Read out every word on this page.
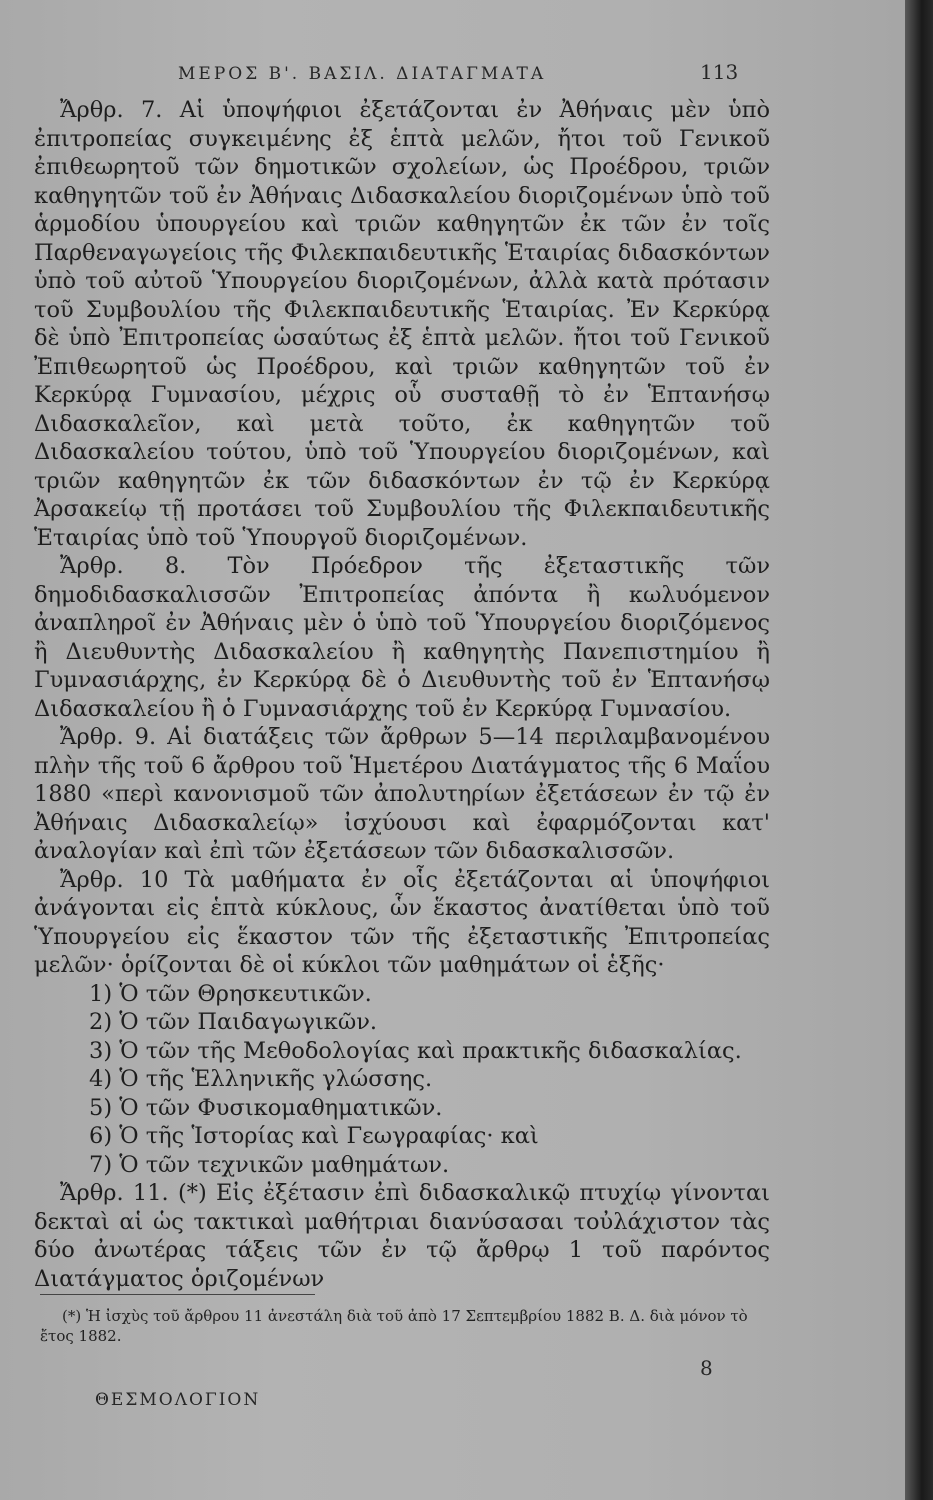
ΜΕΡΟΣ Β'. ΒΑΣΙΛ. ΔΙΑΤΑΓΜΑΤΑ	113

Ἄρθρ. 7. Αἱ ὑποψήφιοι ἐξετάζονται ἐν Ἀθήναις μὲν ὑπὸ ἐπιτροπείας συγκειμένης ἐξ ἑπτὰ μελῶν, ἤτοι τοῦ Γενικοῦ ἐπιθεωρητοῦ τῶν δημοτικῶν σχολείων, ὡς Προέδρου, τριῶν καθηγητῶν τοῦ ἐν Ἀθήναις Διδασκαλείου διοριζομένων ὑπὸ τοῦ ἁρμοδίου ὑπουργείου καὶ τριῶν καθηγητῶν ἐκ τῶν ἐν τοῖς Παρθεναγωγείοις τῆς Φιλεκπαιδευτικῆς Ἑταιρίας διδασκόντων ὑπὸ τοῦ αὐτοῦ Ὑπουργείου διοριζομένων, ἀλλὰ κατὰ πρότασιν τοῦ Συμβουλίου τῆς Φιλεκπαιδευτικῆς Ἑταιρίας. Ἐν Κερκύρᾳ δὲ ὑπὸ Ἐπιτροπείας ὡσαύτως ἐξ ἑπτὰ μελῶν. ἤτοι τοῦ Γενικοῦ Ἐπιθεωρητοῦ ὡς Προέδρου, καὶ τριῶν καθηγητῶν τοῦ ἐν Κερκύρᾳ Γυμνασίου, μέχρις οὗ συσταθῇ τὸ ἐν Ἑπτανήσῳ Διδασκαλεῖον, καὶ μετὰ τοῦτο, ἐκ καθηγητῶν τοῦ Διδασκαλείου τούτου, ὑπὸ τοῦ Ὑπουργείου διοριζομένων, καὶ τριῶν καθηγητῶν ἐκ τῶν διδασκόντων ἐν τῷ ἐν Κερκύρᾳ Ἀρσακείῳ τῇ προτάσει τοῦ Συμβουλίου τῆς Φιλεκπαιδευτικῆς Ἑταιρίας ὑπὸ τοῦ Ὑπουργοῦ διοριζομένων.

Ἄρθρ. 8. Τὸν Πρόεδρον τῆς ἐξεταστικῆς τῶν δημοδιδασκαλισσῶν Ἐπιτροπείας ἀπόντα ἢ κωλυόμενον ἀναπληροῖ ἐν Ἀθήναις μὲν ὁ ὑπὸ τοῦ Ὑπουργείου διοριζόμενος ἢ Διευθυντὴς Διδασκαλείου ἢ καθηγητὴς Πανεπιστημίου ἢ Γυμνασιάρχης, ἐν Κερκύρᾳ δὲ ὁ Διευθυντὴς τοῦ ἐν Ἑπτανήσῳ Διδασκαλείου ἢ ὁ Γυμνασιάρχης τοῦ ἐν Κερκύρᾳ Γυμνασίου.

Ἄρθρ. 9. Αἱ διατάξεις τῶν ἄρθρων 5—14 περιλαμβανομένου πλὴν τῆς τοῦ 6 ἄρθρου τοῦ Ἡμετέρου Διατάγματος τῆς 6 Μαΐου 1880 «περὶ κανονισμοῦ τῶν ἀπολυτηρίων ἐξετάσεων ἐν τῷ ἐν Ἀθήναις Διδασκαλείῳ» ἰσχύουσι καὶ ἐφαρμόζονται κατ' ἀναλογίαν καὶ ἐπὶ τῶν ἐξετάσεων τῶν διδασκαλισσῶν.

Ἄρθρ. 10 Τὰ μαθήματα ἐν οἷς ἐξετάζονται αἱ ὑποψήφιοι ἀνάγονται εἰς ἑπτὰ κύκλους, ὧν ἕκαστος ἀνατίθεται ὑπὸ τοῦ Ὑπουργείου εἰς ἕκαστον τῶν τῆς ἐξεταστικῆς Ἐπιτροπείας μελῶν· ὁρίζονται δὲ οἱ κύκλοι τῶν μαθημάτων οἱ ἑξῆς·

1) Ὁ τῶν Θρησκευτικῶν.
2) Ὁ τῶν Παιδαγωγικῶν.
3) Ὁ τῶν τῆς Μεθοδολογίας καὶ πρακτικῆς διδασκαλίας.
4) Ὁ τῆς Ἑλληνικῆς γλώσσης.
5) Ὁ τῶν Φυσικομαθηματικῶν.
6) Ὁ τῆς Ἱστορίας καὶ Γεωγραφίας· καὶ
7) Ὁ τῶν τεχνικῶν μαθημάτων.

Ἄρθρ. 11. (*) Εἰς ἐξέτασιν ἐπὶ διδασκαλικῷ πτυχίῳ γίνονται δεκταὶ αἱ ὡς τακτικαὶ μαθήτριαι διανύσασαι τοὐλάχιστον τὰς δύο ἀνωτέρας τάξεις τῶν ἐν τῷ ἄρθρῳ 1 τοῦ παρόντος Διατάγματος ὁριζομένων

(*) Ἡ ἰσχὺς τοῦ ἄρθρου 11 ἀνεστάλη διὰ τοῦ ἀπὸ 17 Σεπτεμβρίου 1882 Β. Δ. διὰ μόνον τὸ ἔτος 1882.
ΘΕΣΜΟΛΟΓΙΟΝ
8
